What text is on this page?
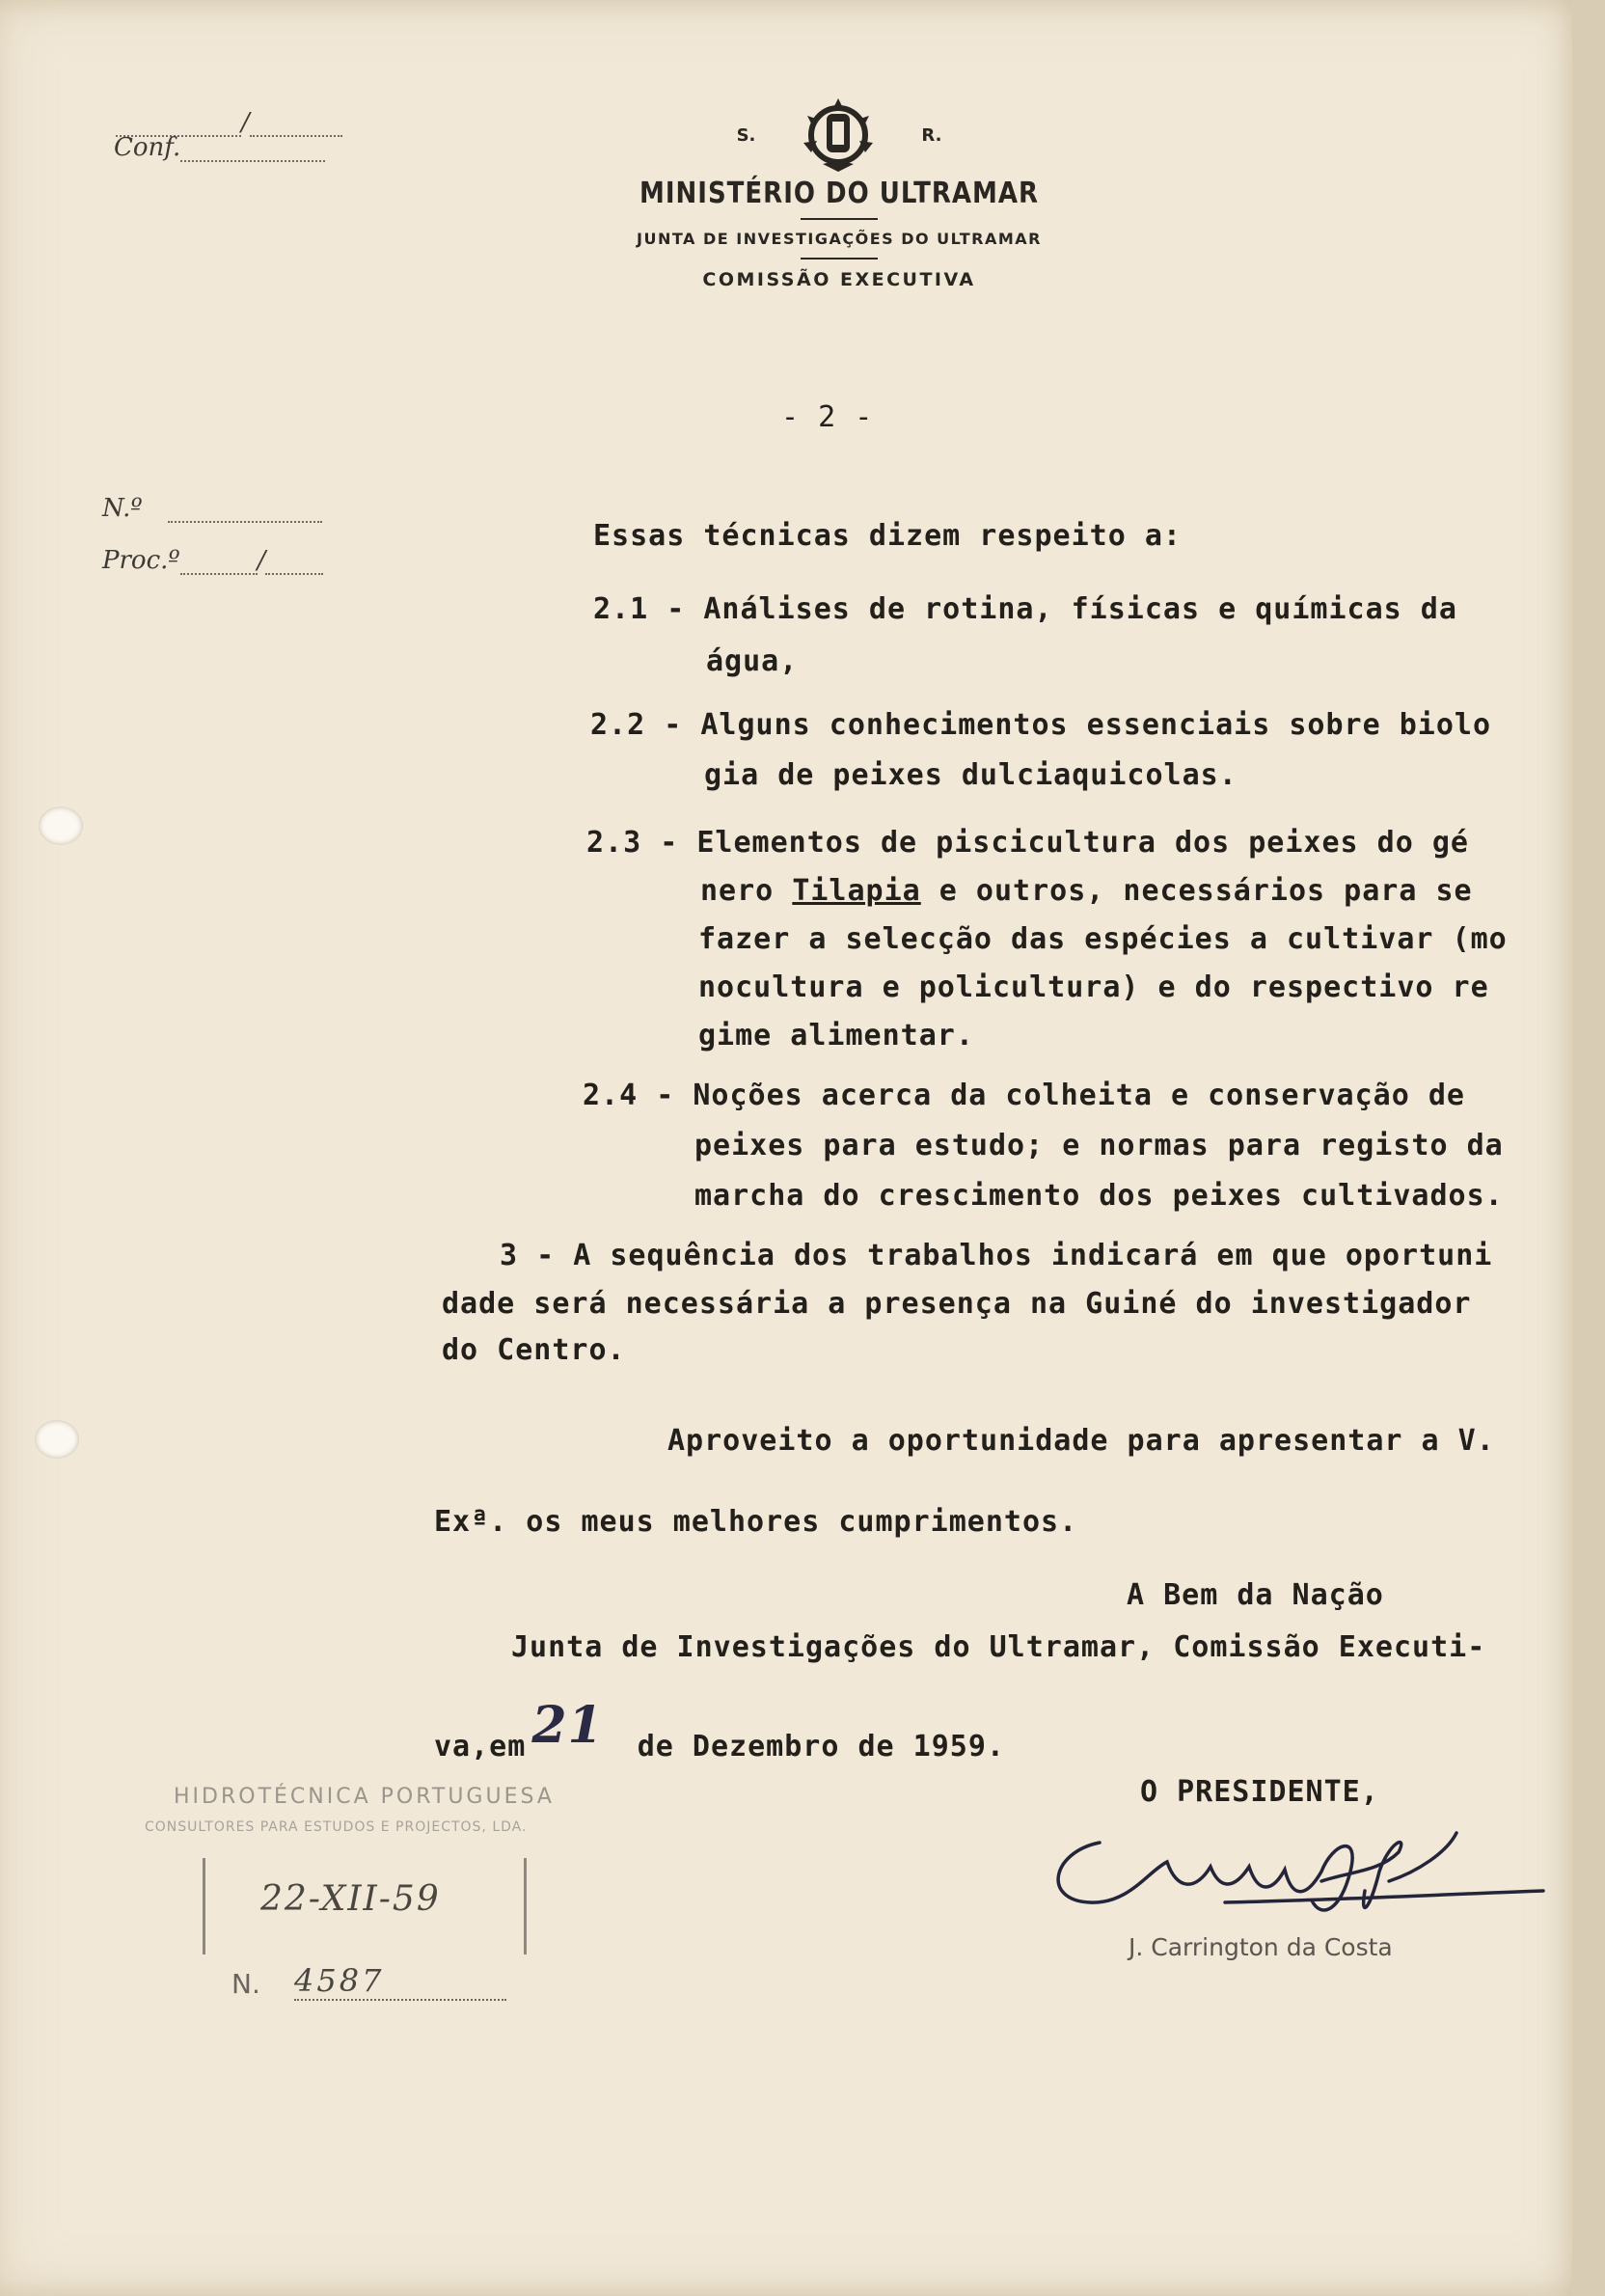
/
Conf.
N.º
Proc.º	/
S.	R.
MINISTÉRIO DO ULTRAMAR
JUNTA DE INVESTIGAÇÕES DO ULTRAMAR
COMISSÃO EXECUTIVA
- 2 -
Essas técnicas dizem respeito a:
2.1 - Análises de rotina, físicas e químicas da
água,
2.2 - Alguns conhecimentos essenciais sobre biolo
gia de peixes dulciaquicolas.
2.3 - Elementos de piscicultura dos peixes do gé
nero Tilapia e outros, necessários para se
fazer a selecção das espécies a cultivar (mo
nocultura e policultura) e do respectivo re
gime alimentar.
2.4 - Noções acerca da colheita e conservação de
peixes para estudo; e normas para registo da
marcha do crescimento dos peixes cultivados.
3 - A sequência dos trabalhos indicará em que oportuni
dade será necessária a presença na Guiné do investigador
do Centro.
Aproveito a oportunidade para apresentar a V.
Exª. os meus melhores cumprimentos.
A Bem da Nação
Junta de Investigações do Ultramar, Comissão Executi-
va,em 21 de Dezembro de 1959.
O PRESIDENTE,
HIDROTÉCNICA PORTUGUESA
CONSULTORES PARA ESTUDOS E PROJECTOS, LDA.
22-XII-59
N. 4587
J. Carrington da Costa
